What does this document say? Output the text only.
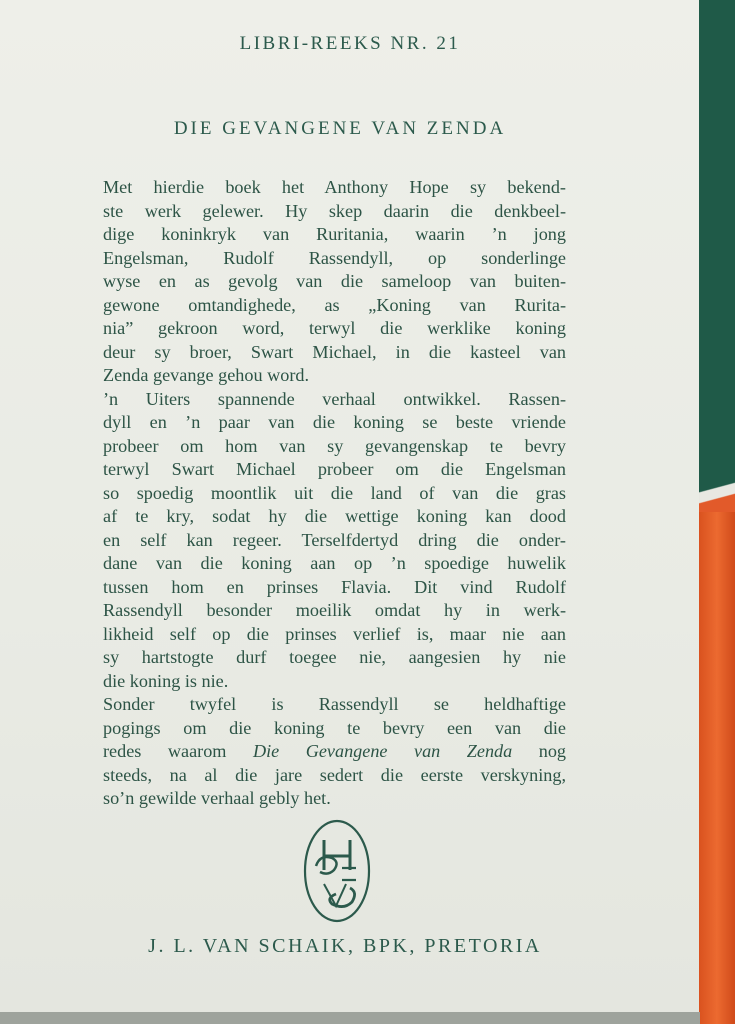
LIBRI-REEKS NR. 21
DIE GEVANGENE VAN ZENDA
Met hierdie boek het Anthony Hope sy bekend-
ste werk gelewer. Hy skep daarin die denkbeel-
dige koninkryk van Ruritania, waarin ’n jong
Engelsman, Rudolf Rassendyll, op sonderlinge
wyse en as gevolg van die sameloop van buiten-
gewone omtandighede, as „Koning van Rurita-
nia” gekroon word, terwyl die werklike koning
deur sy broer, Swart Michael, in die kasteel van
Zenda gevange gehou word.
’n Uiters spannende verhaal ontwikkel. Rassen-
dyll en ’n paar van die koning se beste vriende
probeer om hom van sy gevangenskap te bevry
terwyl Swart Michael probeer om die Engelsman
so spoedig moontlik uit die land of van die gras
af te kry, sodat hy die wettige koning kan dood
en self kan regeer. Terselfdertyd dring die onder-
dane van die koning aan op ’n spoedige huwelik
tussen hom en prinses Flavia. Dit vind Rudolf
Rassendyll besonder moeilik omdat hy in werk-
likheid self op die prinses verlief is, maar nie aan
sy hartstogte durf toegee nie, aangesien hy nie
die koning is nie.
Sonder twyfel is Rassendyll se heldhaftige
pogings om die koning te bevry een van die
redes waarom Die Gevangene van Zenda nog
steeds, na al die jare sedert die eerste verskyning,
so’n gewilde verhaal gebly het.
J. L. VAN SCHAIK, BPK, PRETORIA
